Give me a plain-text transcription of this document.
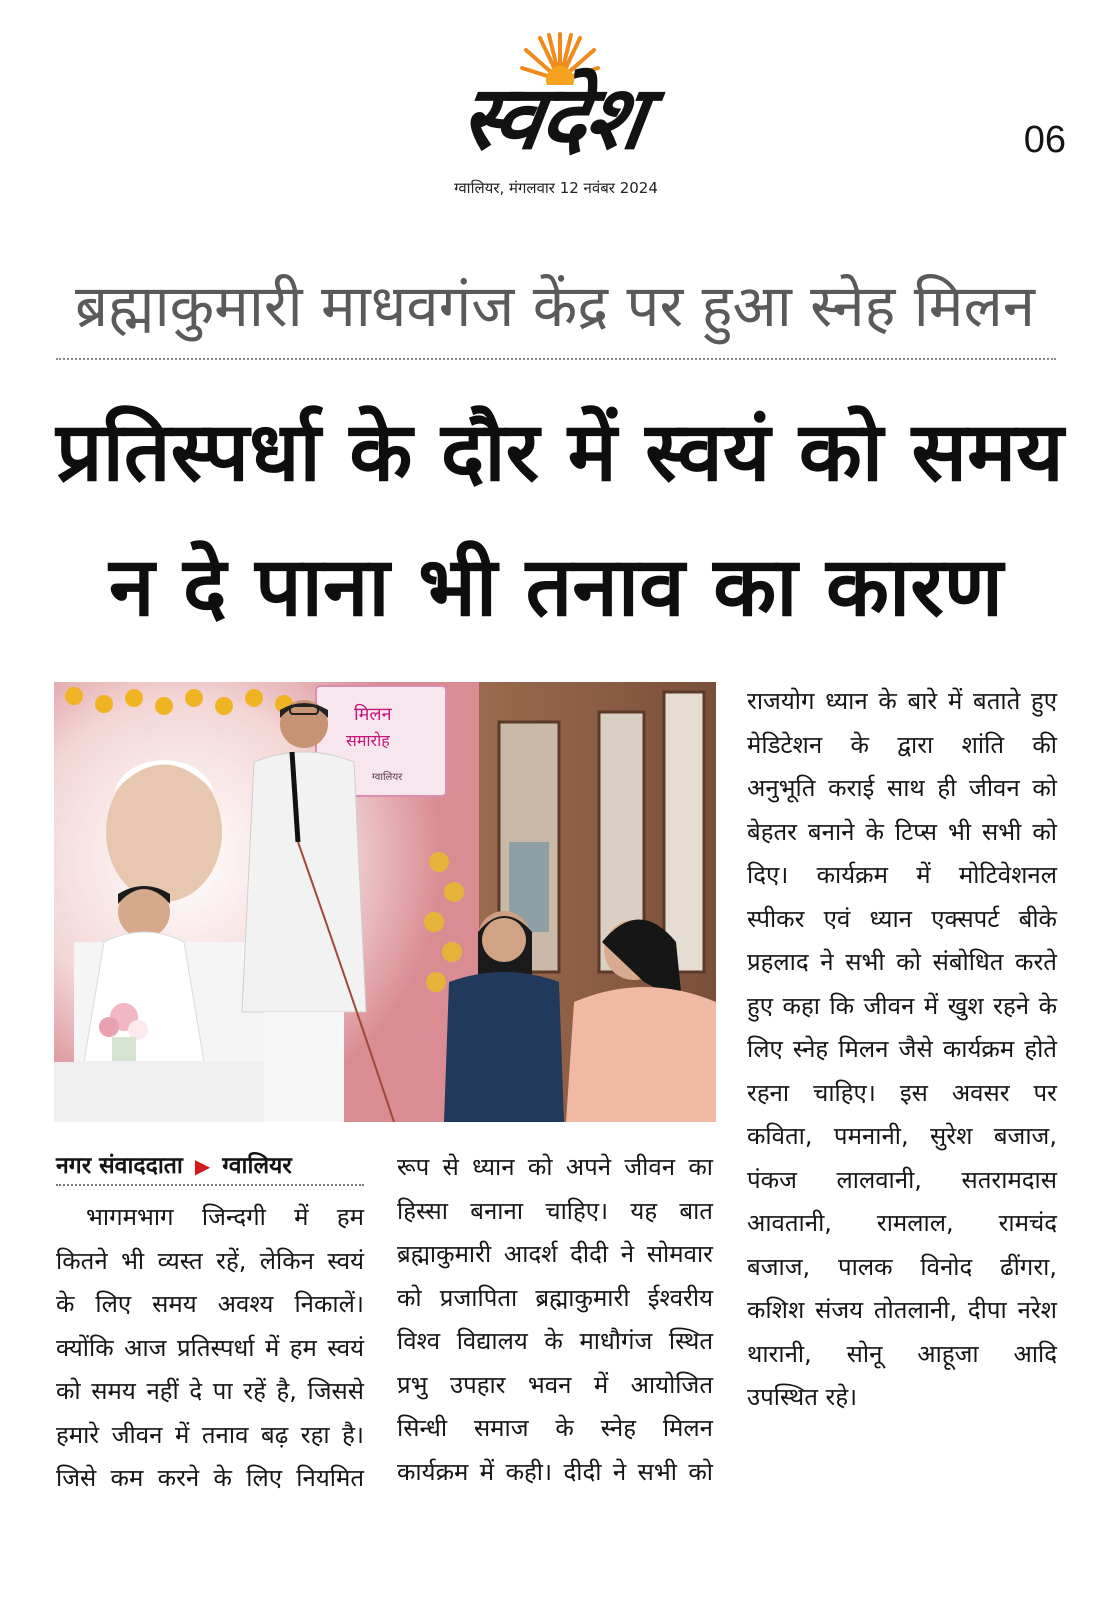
स्वदेश	06
ग्वालियर, मंगलवार 12 नवंबर 2024
ब्रह्माकुमारी माधवगंज केंद्र पर हुआ स्नेह मिलन
प्रतिस्पर्धा के दौर में स्वयं को समय
न दे पाना भी तनाव का कारण
मिलन
समारोह
ग्वालियर
नगर संवाददाता ▶ ग्वालियर
भागमभाग जिन्दगी में हम
कितने भी व्यस्त रहें, लेकिन स्वयं
के लिए समय अवश्य निकालें।
क्योंकि आज प्रतिस्पर्धा में हम स्वयं
को समय नहीं दे पा रहें है, जिससे
हमारे जीवन में तनाव बढ़ रहा है।
जिसे कम करने के लिए नियमित
रूप से ध्यान को अपने जीवन का
हिस्सा बनाना चाहिए। यह बात
ब्रह्माकुमारी आदर्श दीदी ने सोमवार
को प्रजापिता ब्रह्माकुमारी ईश्वरीय
विश्व विद्यालय के माधौगंज स्थित
प्रभु उपहार भवन में आयोजित
सिन्धी समाज के स्नेह मिलन
कार्यक्रम में कही। दीदी ने सभी को
राजयोग ध्यान के बारे में बताते हुए
मेडिटेशन के द्वारा शांति की
अनुभूति कराई साथ ही जीवन को
बेहतर बनाने के टिप्स भी सभी को
दिए। कार्यक्रम में मोटिवेशनल
स्पीकर एवं ध्यान एक्सपर्ट बीके
प्रहलाद ने सभी को संबोधित करते
हुए कहा कि जीवन में खुश रहने के
लिए स्नेह मिलन जैसे कार्यक्रम होते
रहना चाहिए। इस अवसर पर
कविता, पमनानी, सुरेश बजाज,
पंकज लालवानी, सतरामदास
आवतानी, रामलाल, रामचंद
बजाज, पालक विनोद ढींगरा,
कशिश संजय तोतलानी, दीपा नरेश
थारानी, सोनू आहूजा आदि
उपस्थित रहे।
